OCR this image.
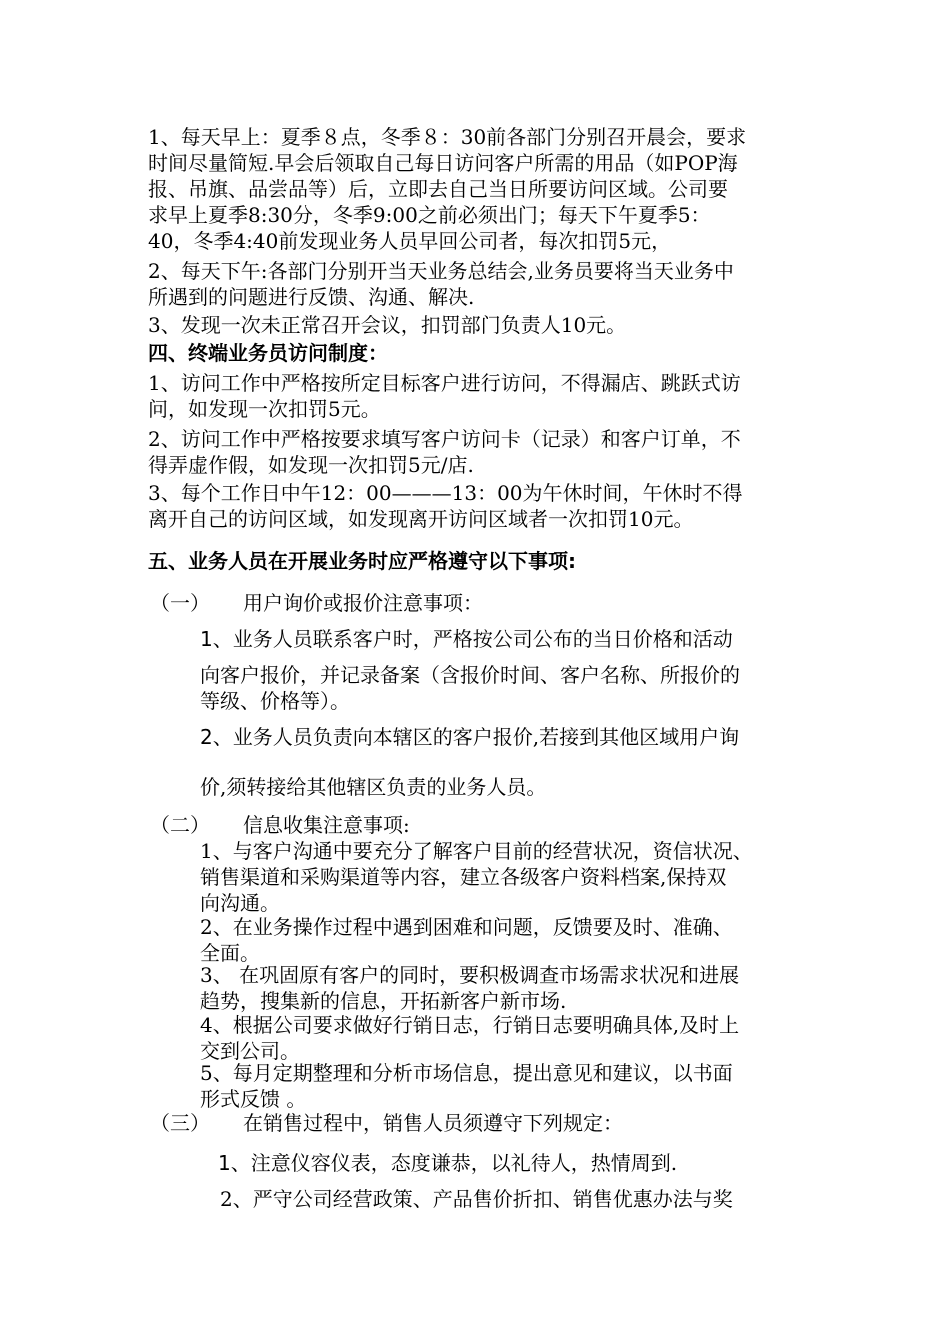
1、每天早上：夏季８点，冬季８：30前各部门分别召开晨会，要求

时间尽量简短.早会后领取自己每日访问客户所需的用品（如POP海

报、吊旗、品尝品等）后，立即去自己当日所要访问区域。公司要

求早上夏季8:30分，冬季9:00之前必须出门；每天下午夏季5：

40，冬季4:40前发现业务人员早回公司者，每次扣罚5元，

2、每天下午:各部门分别开当天业务总结会,业务员要将当天业务中

所遇到的问题进行反馈、沟通、解决.

3、发现一次未正常召开会议，扣罚部门负责人10元。

四、终端业务员访问制度：

1、访问工作中严格按所定目标客户进行访问，不得漏店、跳跃式访

问，如发现一次扣罚5元。

2、访问工作中严格按要求填写客户访问卡（记录）和客户订单，不

得弄虚作假，如发现一次扣罚5元/店.

3、每个工作日中午12：00———13：00为午休时间，午休时不得

离开自己的访问区域，如发现离开访问区域者一次扣罚10元。

五、业务人员在开展业务时应严格遵守以下事项:

（一） 用户询价或报价注意事项：

1、业务人员联系客户时，严格按公司公布的当日价格和活动

向客户报价，并记录备案（含报价时间、客户名称、所报价的

等级、价格等）。

2、业务人员负责向本辖区的客户报价,若接到其他区域用户询

价,须转接给其他辖区负责的业务人员。

（二） 信息收集注意事项:

1、与客户沟通中要充分了解客户目前的经营状况，资信状况、

销售渠道和采购渠道等内容，建立各级客户资料档案,保持双

向沟通。

2、在业务操作过程中遇到困难和问题，反馈要及时、准确、

全面。

3、 在巩固原有客户的同时，要积极调查市场需求状况和进展

趋势，搜集新的信息，开拓新客户新市场.

4、根据公司要求做好行销日志，行销日志要明确具体,及时上

交到公司。

5、每月定期整理和分析市场信息，提出意见和建议，以书面

形式反馈 。

（三） 在销售过程中，销售人员须遵守下列规定：

1、注意仪容仪表，态度谦恭，以礼待人，热情周到.

2、严守公司经营政策、产品售价折扣、销售优惠办法与奖
